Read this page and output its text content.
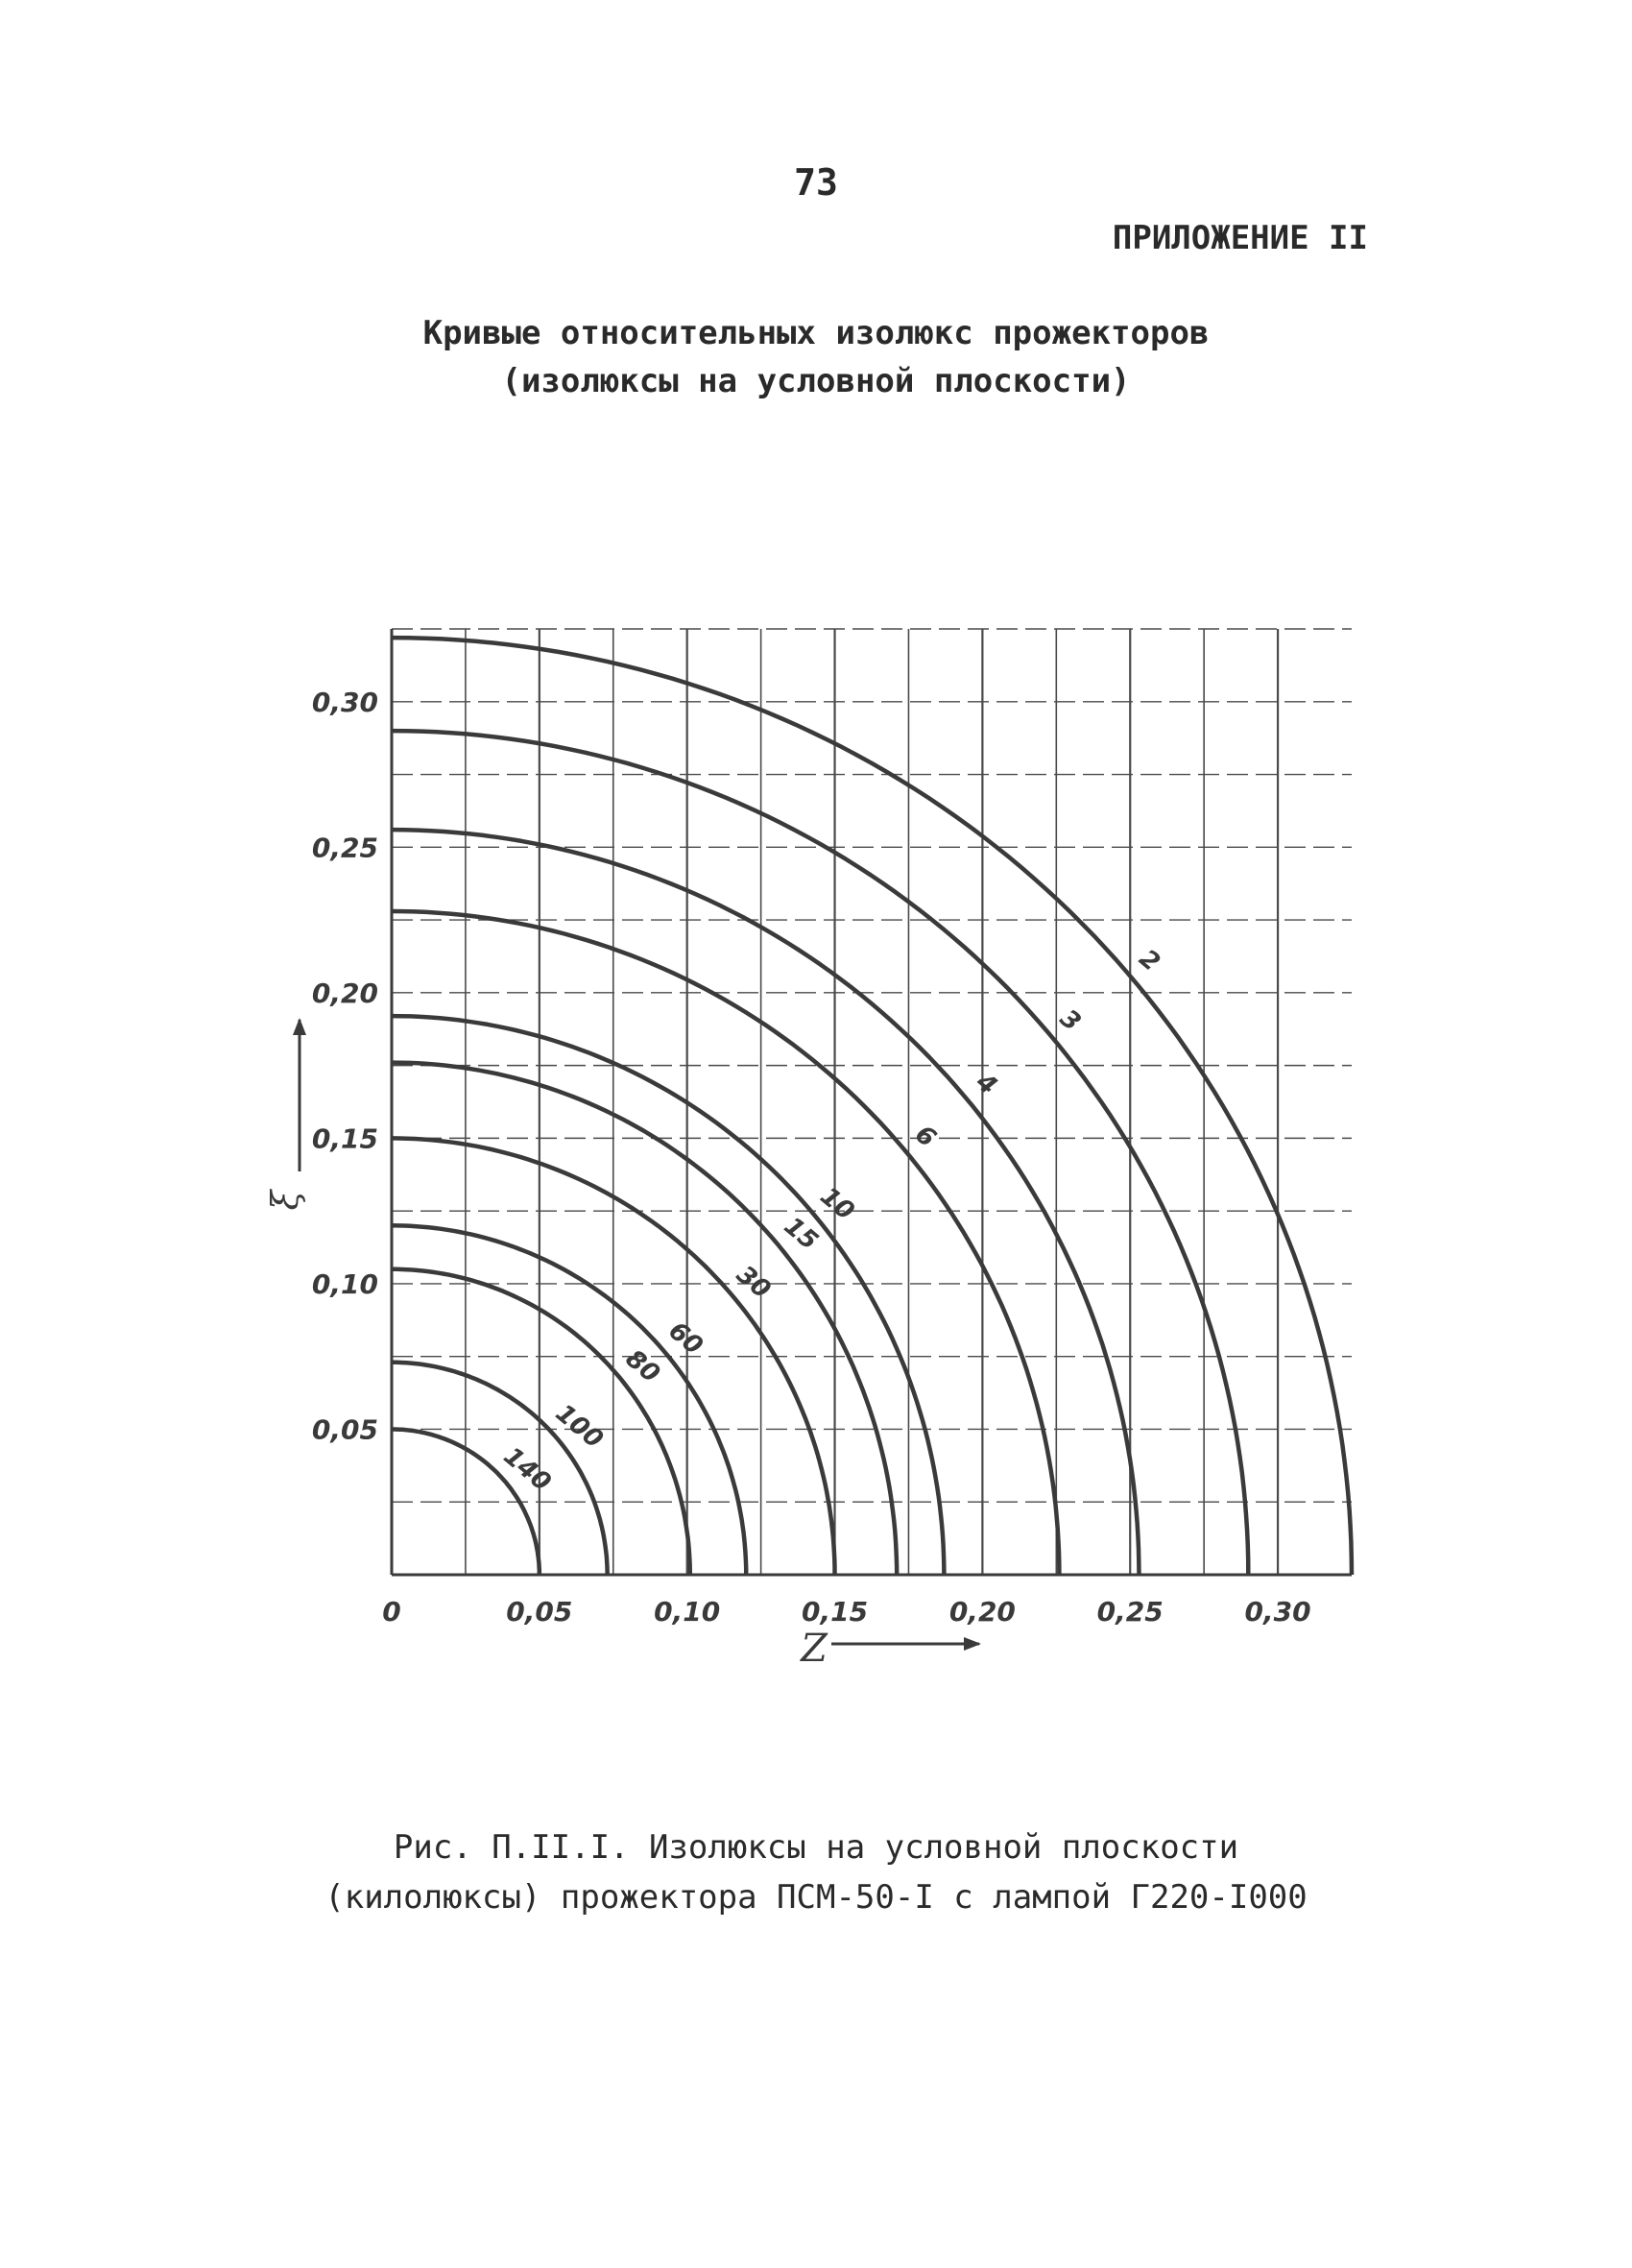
73
ПРИЛОЖЕНИЕ II
Кривые относительных изолюкс прожекторов
(изолюксы на условной плоскости)
2
3
4
6
10
15
30
60
80
100
140
0	0,05	0,10	0,15	0,20	0,25	0,30
0,05
0,10
0,15
0,20
0,25
0,30
Z
ξ
Рис. П.II.I. Изолюксы на условной плоскости
(килолюксы) прожектора ПСМ-50-I с лампой Г220-I000
